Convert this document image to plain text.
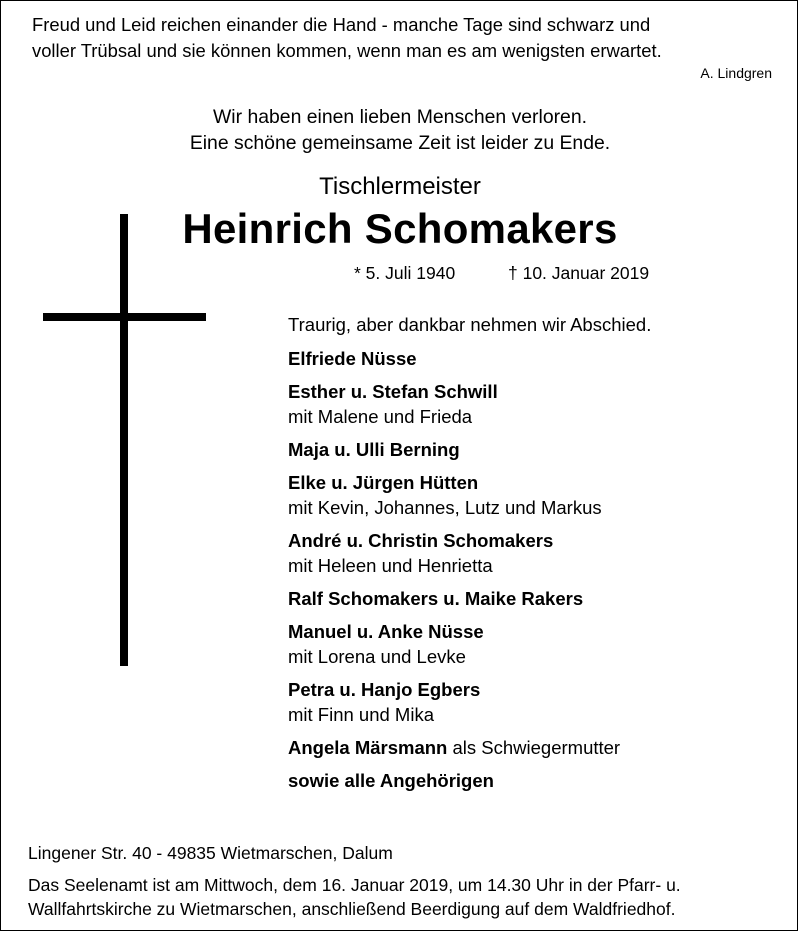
Freud und Leid reichen einander die Hand - manche Tage sind schwarz und
voller Trübsal und sie können kommen, wenn man es am wenigsten erwartet.
A. Lindgren
Wir haben einen lieben Menschen verloren.
Eine schöne gemeinsame Zeit ist leider zu Ende.
Tischlermeister
Heinrich Schomakers
* 5. Juli 1940	† 10. Januar 2019
Traurig, aber dankbar nehmen wir Abschied.
Elfriede Nüsse
Esther u. Stefan Schwill
mit Malene und Frieda
Maja u. Ulli Berning
Elke u. Jürgen Hütten
mit Kevin, Johannes, Lutz und Markus
André u. Christin Schomakers
mit Heleen und Henrietta
Ralf Schomakers u. Maike Rakers
Manuel u. Anke Nüsse
mit Lorena und Levke
Petra u. Hanjo Egbers
mit Finn und Mika
Angela Märsmann als Schwiegermutter
sowie alle Angehörigen
Lingener Str. 40 - 49835 Wietmarschen, Dalum
Das Seelenamt ist am Mittwoch, dem 16. Januar 2019, um 14.30 Uhr in der Pfarr- u.
Wallfahrtskirche zu Wietmarschen, anschließend Beerdigung auf dem Waldfriedhof.
